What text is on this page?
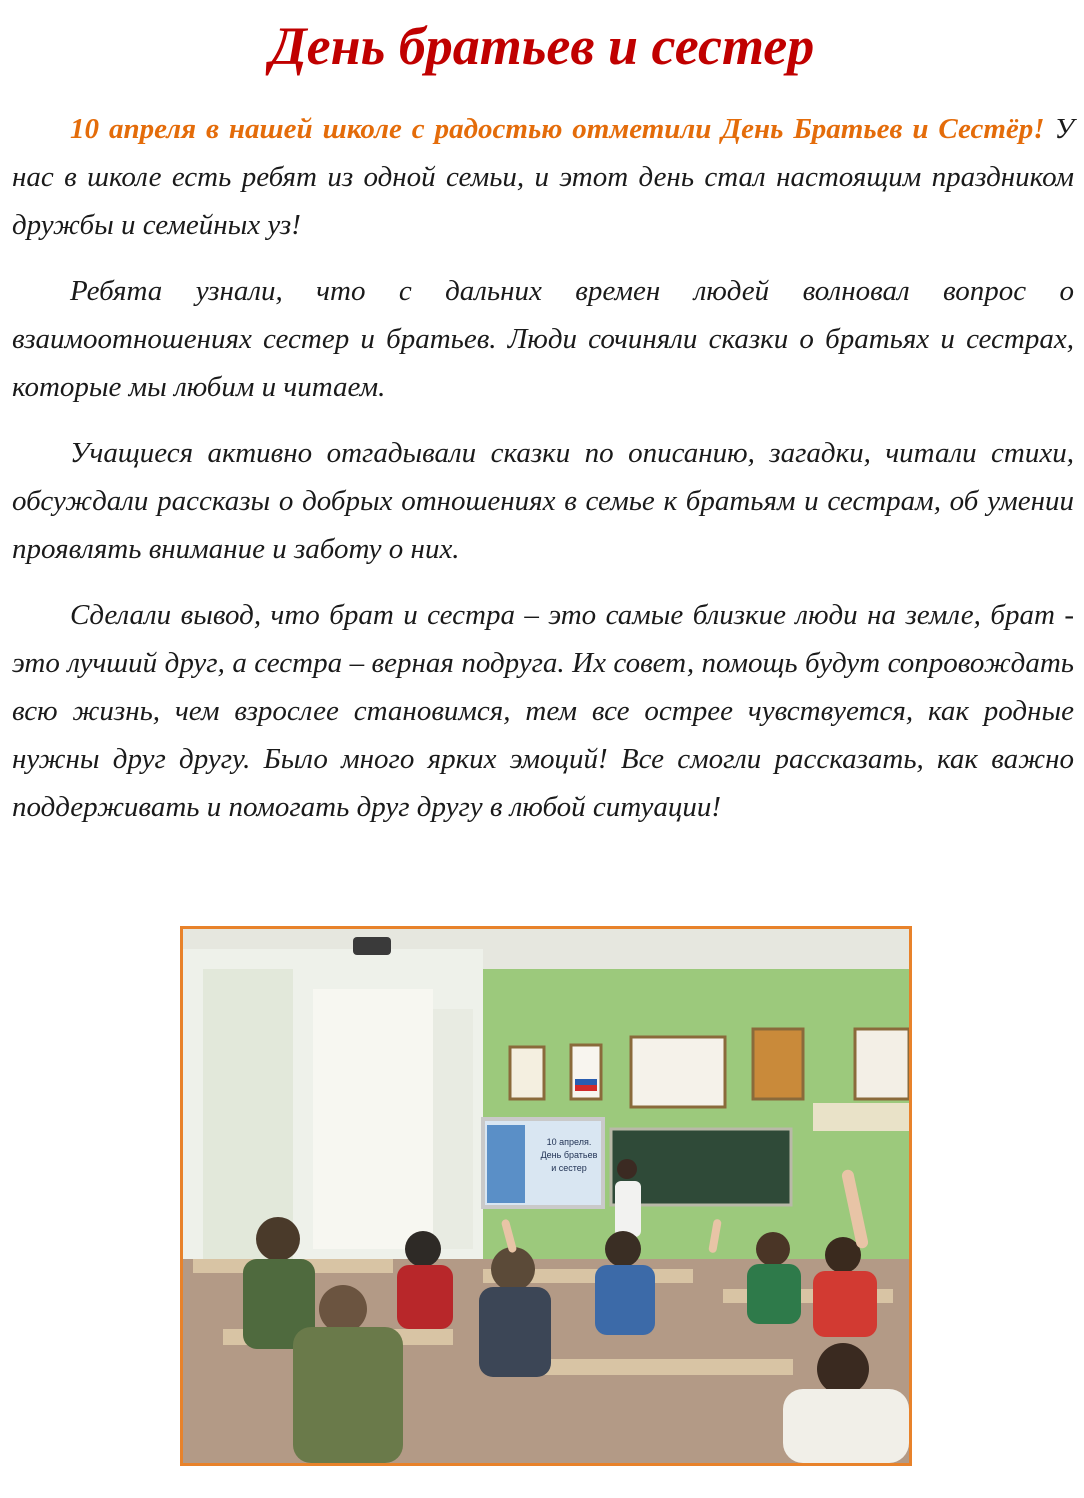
День братьев и сестер

10 апреля в нашей школе с радостью отметили День Братьев и Сестёр! У нас в школе есть ребят из одной семьи, и этот день стал настоящим праздником дружбы и семейных уз!

Ребята узнали, что с дальних времен людей волновал вопрос о взаимоотношениях сестер и братьев. Люди сочиняли сказки о братьях и сестрах, которые мы любим и читаем.

Учащиеся активно отгадывали сказки по описанию, загадки, читали стихи, обсуждали рассказы о добрых отношениях в семье к братьям и сестрам, об умении проявлять внимание и заботу о них.

Сделали вывод, что брат и сестра – это самые близкие люди на земле, брат - это лучший друг, а сестра – верная подруга. Их совет, помощь будут сопровождать всю жизнь, чем взрослее становимся, тем все острее чувствуется, как родные нужны друг другу. Было много ярких эмоций! Все смогли рассказать, как важно поддерживать и помогать друг другу в любой ситуации!

10 апреля.
День братьев
и сестер
